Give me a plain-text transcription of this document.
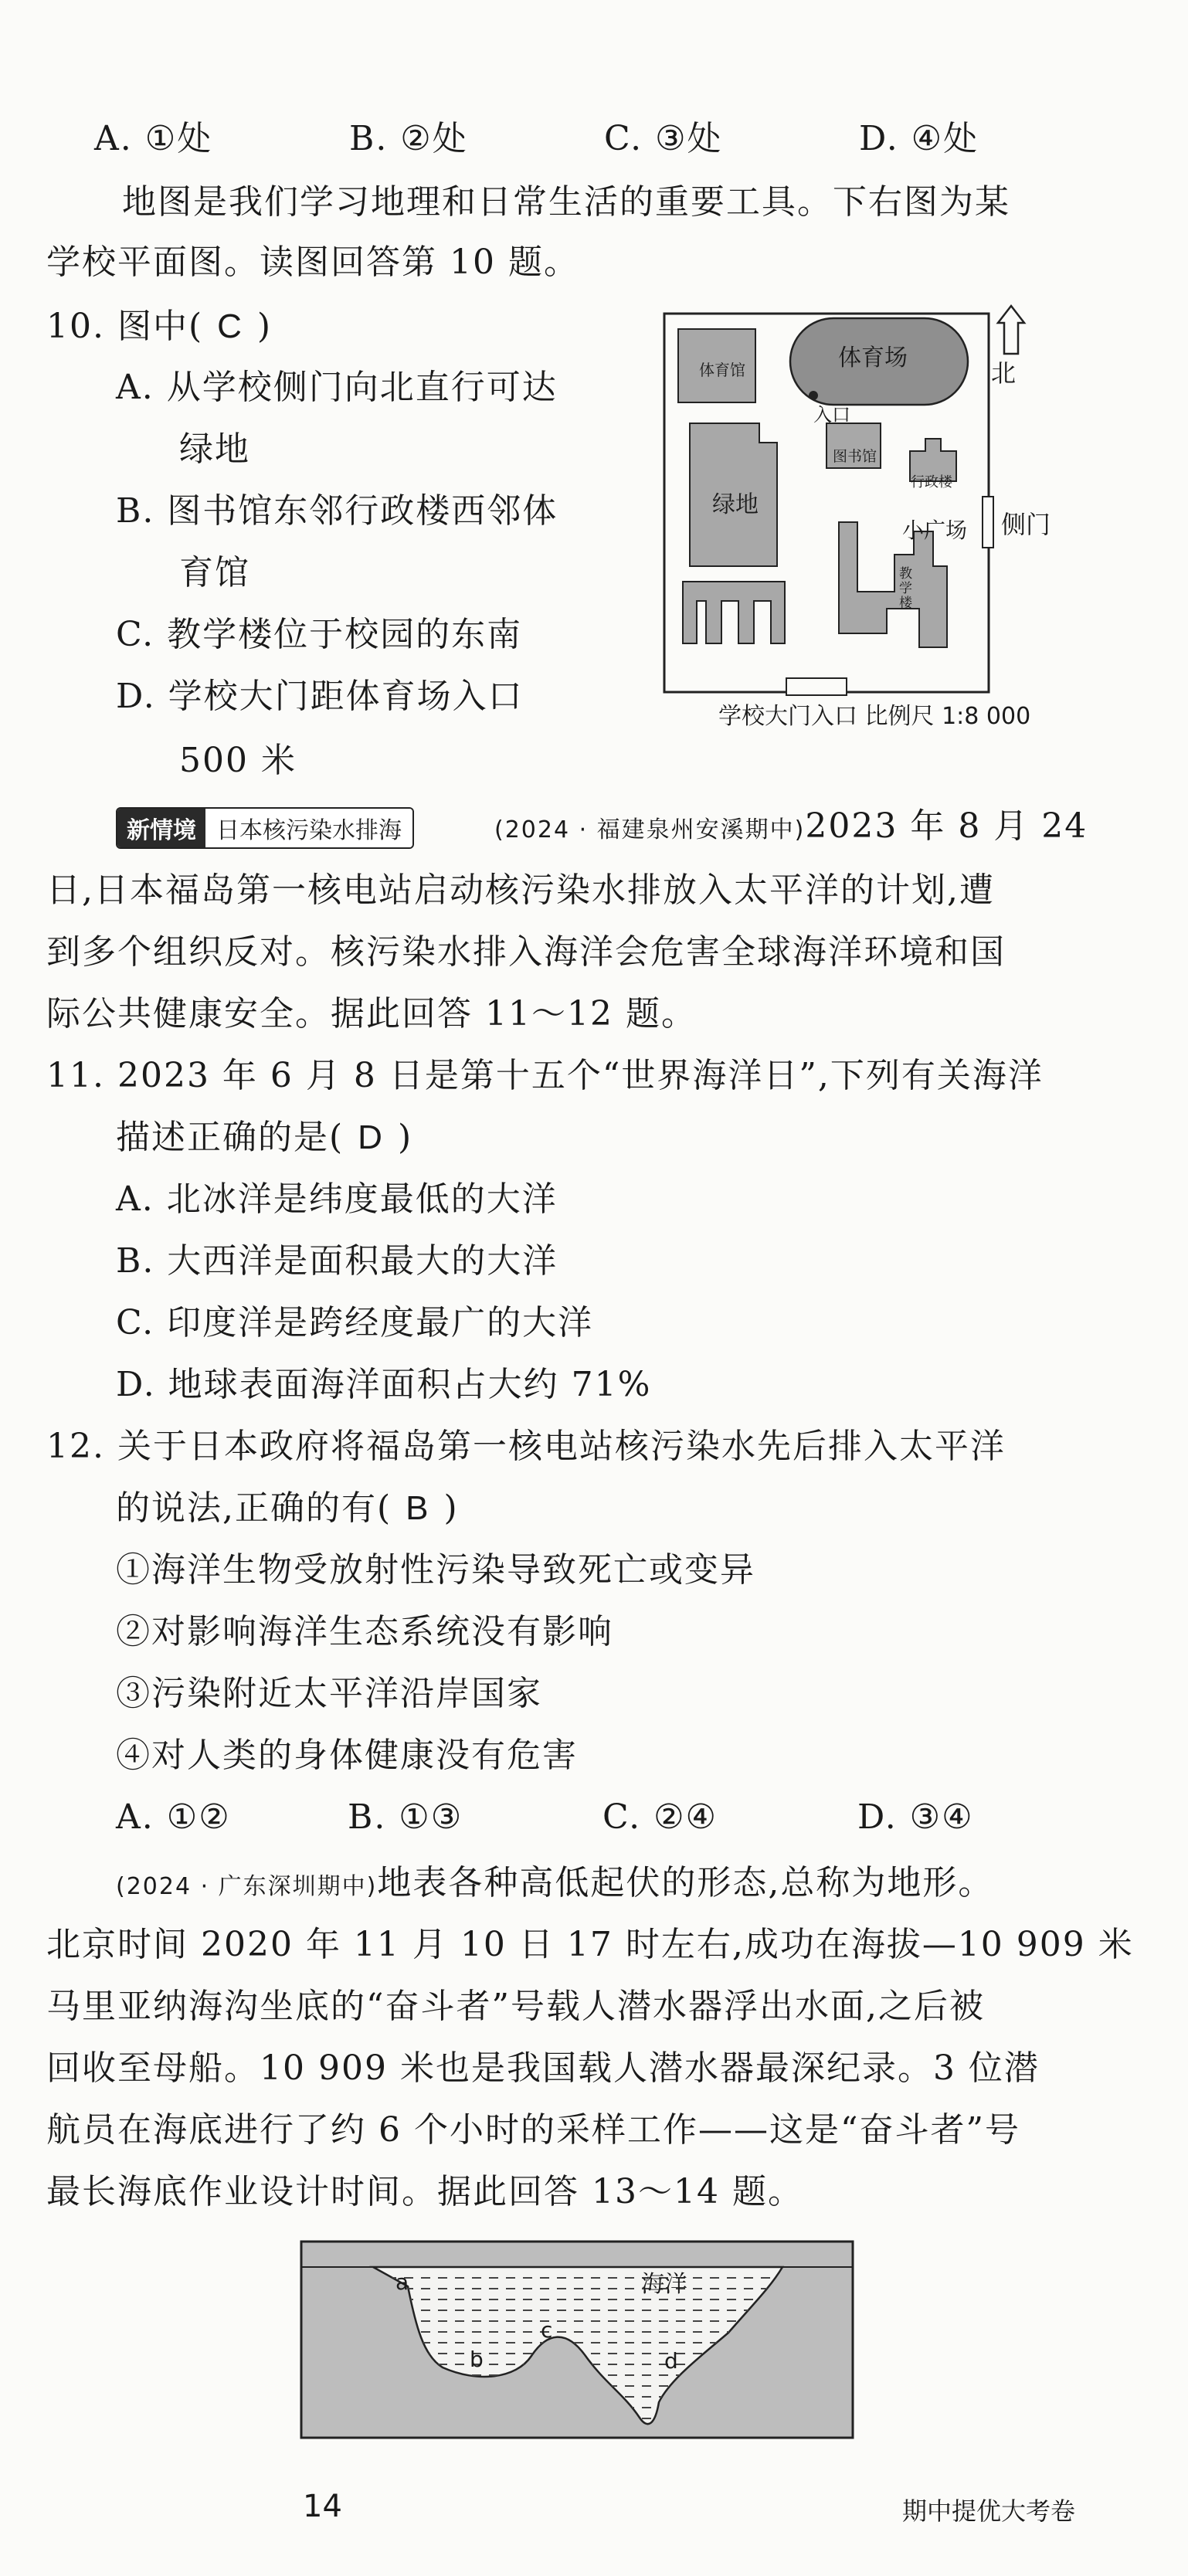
A. ①处	B. ②处	C. ③处	D. ④处
地图是我们学习地理和日常生活的重要工具。下右图为某
学校平面图。读图回答第 10 题。
10. 图中( C )
A. 从学校侧门向北直行可达
绿地
B. 图书馆东邻行政楼西邻体
育馆
C. 教学楼位于校园的东南
D. 学校大门距体育场入口
500 米
体育场
体育馆
入口
图书馆
行政楼
绿地
小广场
教学楼
北
侧门
学校大门入口 比例尺 1:8 000
新情境 日本核污染水排海	(2024 · 福建泉州安溪期中)2023 年 8 月 24
日,日本福岛第一核电站启动核污染水排放入太平洋的计划,遭
到多个组织反对。核污染水排入海洋会危害全球海洋环境和国
际公共健康安全。据此回答 11～12 题。
11. 2023 年 6 月 8 日是第十五个“世界海洋日”,下列有关海洋
描述正确的是( D )
A. 北冰洋是纬度最低的大洋
B. 大西洋是面积最大的大洋
C. 印度洋是跨经度最广的大洋
D. 地球表面海洋面积占大约 71%
12. 关于日本政府将福岛第一核电站核污染水先后排入太平洋
的说法,正确的有( B )
①海洋生物受放射性污染导致死亡或变异
②对影响海洋生态系统没有影响
③污染附近太平洋沿岸国家
④对人类的身体健康没有危害
A. ①②	B. ①③	C. ②④	D. ③④
(2024 · 广东深圳期中)地表各种高低起伏的形态,总称为地形。
北京时间 2020 年 11 月 10 日 17 时左右,成功在海拔—10 909 米
马里亚纳海沟坐底的“奋斗者”号载人潜水器浮出水面,之后被
回收至母船。10 909 米也是我国载人潜水器最深纪录。3 位潜
航员在海底进行了约 6 个小时的采样工作——这是“奋斗者”号
最长海底作业设计时间。据此回答 13～14 题。
海洋
a
b
c
d
14	期中提优大考卷
